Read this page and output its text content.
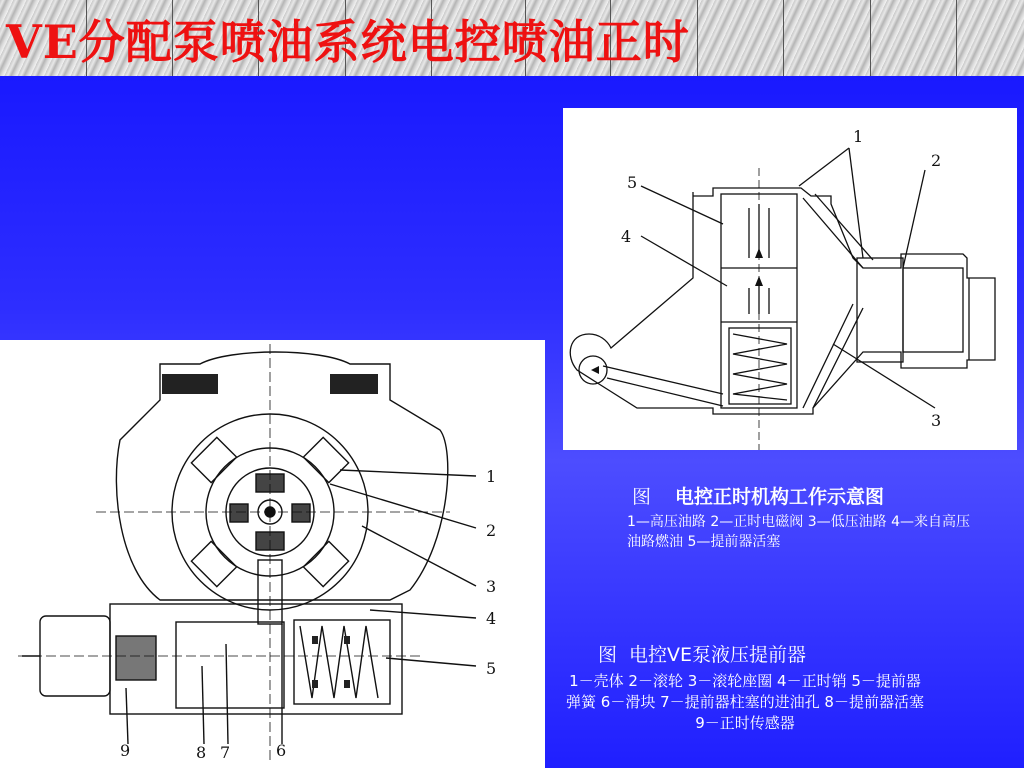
VE分配泵喷油系统电控喷油正时
1
2
3
4
5
1
2
3
4
5
6
7
8
9
图 电控正时机构工作示意图
1—高压油路 2—正时电磁阀 3—低压油路 4—来自高压油路燃油 5—提前器活塞
图 电控VE泵液压提前器
1－壳体 2－滚轮 3－滚轮座圈 4－正时销 5－提前器弹簧 6－滑块 7－提前器柱塞的进油孔 8－提前器活塞 9－正时传感器
